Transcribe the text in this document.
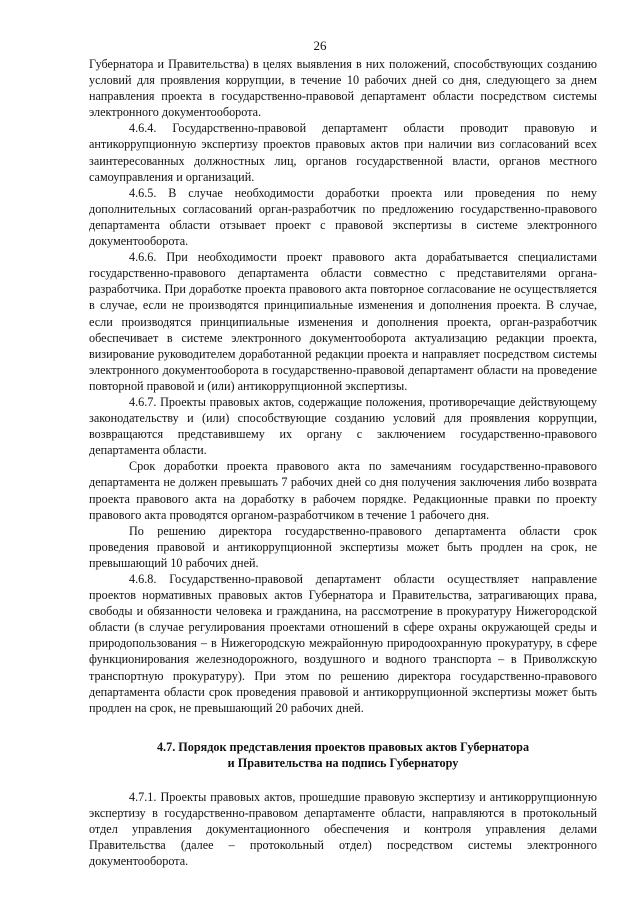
26

Губернатора и Правительства) в целях выявления в них положений, способствующих созданию условий для проявления коррупции, в течение 10 рабочих дней со дня, следующего за днем направления проекта в государственно-правовой департамент области посредством системы электронного документооборота.

4.6.4. Государственно-правовой департамент области проводит правовую и антикоррупционную экспертизу проектов правовых актов при наличии виз согласований всех заинтересованных должностных лиц, органов государственной власти, органов местного самоуправления и организаций.

4.6.5. В случае необходимости доработки проекта или проведения по нему дополнительных согласований орган-разработчик по предложению государственно-правового департамента области отзывает проект с правовой экспертизы в системе электронного документооборота.

4.6.6. При необходимости проект правового акта дорабатывается специалистами государственно-правового департамента области совместно с представителями органа-разработчика. При доработке проекта правового акта повторное согласование не осуществляется в случае, если не производятся принципиальные изменения и дополнения проекта. В случае, если производятся принципиальные изменения и дополнения проекта, орган-разработчик обеспечивает в системе электронного документооборота актуализацию редакции проекта, визирование руководителем доработанной редакции проекта и направляет посредством системы электронного документооборота в государственно-правовой департамент области на проведение повторной правовой и (или) антикоррупционной экспертизы.

4.6.7. Проекты правовых актов, содержащие положения, противоречащие действующему законодательству и (или) способствующие созданию условий для проявления коррупции, возвращаются представившему их органу с заключением государственно-правового департамента области.

Срок доработки проекта правового акта по замечаниям государственно-правового департамента не должен превышать 7 рабочих дней со дня получения заключения либо возврата проекта правового акта на доработку в рабочем порядке. Редакционные правки по проекту правового акта проводятся органом-разработчиком в течение 1 рабочего дня.

По решению директора государственно-правового департамента области срок проведения правовой и антикоррупционной экспертизы может быть продлен на срок, не превышающий 10 рабочих дней.

4.6.8. Государственно-правовой департамент области осуществляет направление проектов нормативных правовых актов Губернатора и Правительства, затрагивающих права, свободы и обязанности человека и гражданина, на рассмотрение в прокуратуру Нижегородской области (в случае регулирования проектами отношений в сфере охраны окружающей среды и природопользования – в Нижегородскую межрайонную природоохранную прокуратуру, в сфере функционирования железнодорожного, воздушного и водного транспорта – в Приволжскую транспортную прокуратуру). При этом по решению директора государственно-правового департамента области срок проведения правовой и антикоррупционной экспертизы может быть продлен на срок, не превышающий 20 рабочих дней.

4.7. Порядок представления проектов правовых актов Губернатора
и Правительства на подпись Губернатору

4.7.1. Проекты правовых актов, прошедшие правовую экспертизу и антикоррупционную экспертизу в государственно-правовом департаменте области, направляются в протокольный отдел управления документационного обеспечения и контроля управления делами Правительства (далее – протокольный отдел) посредством системы электронного документооборота.
